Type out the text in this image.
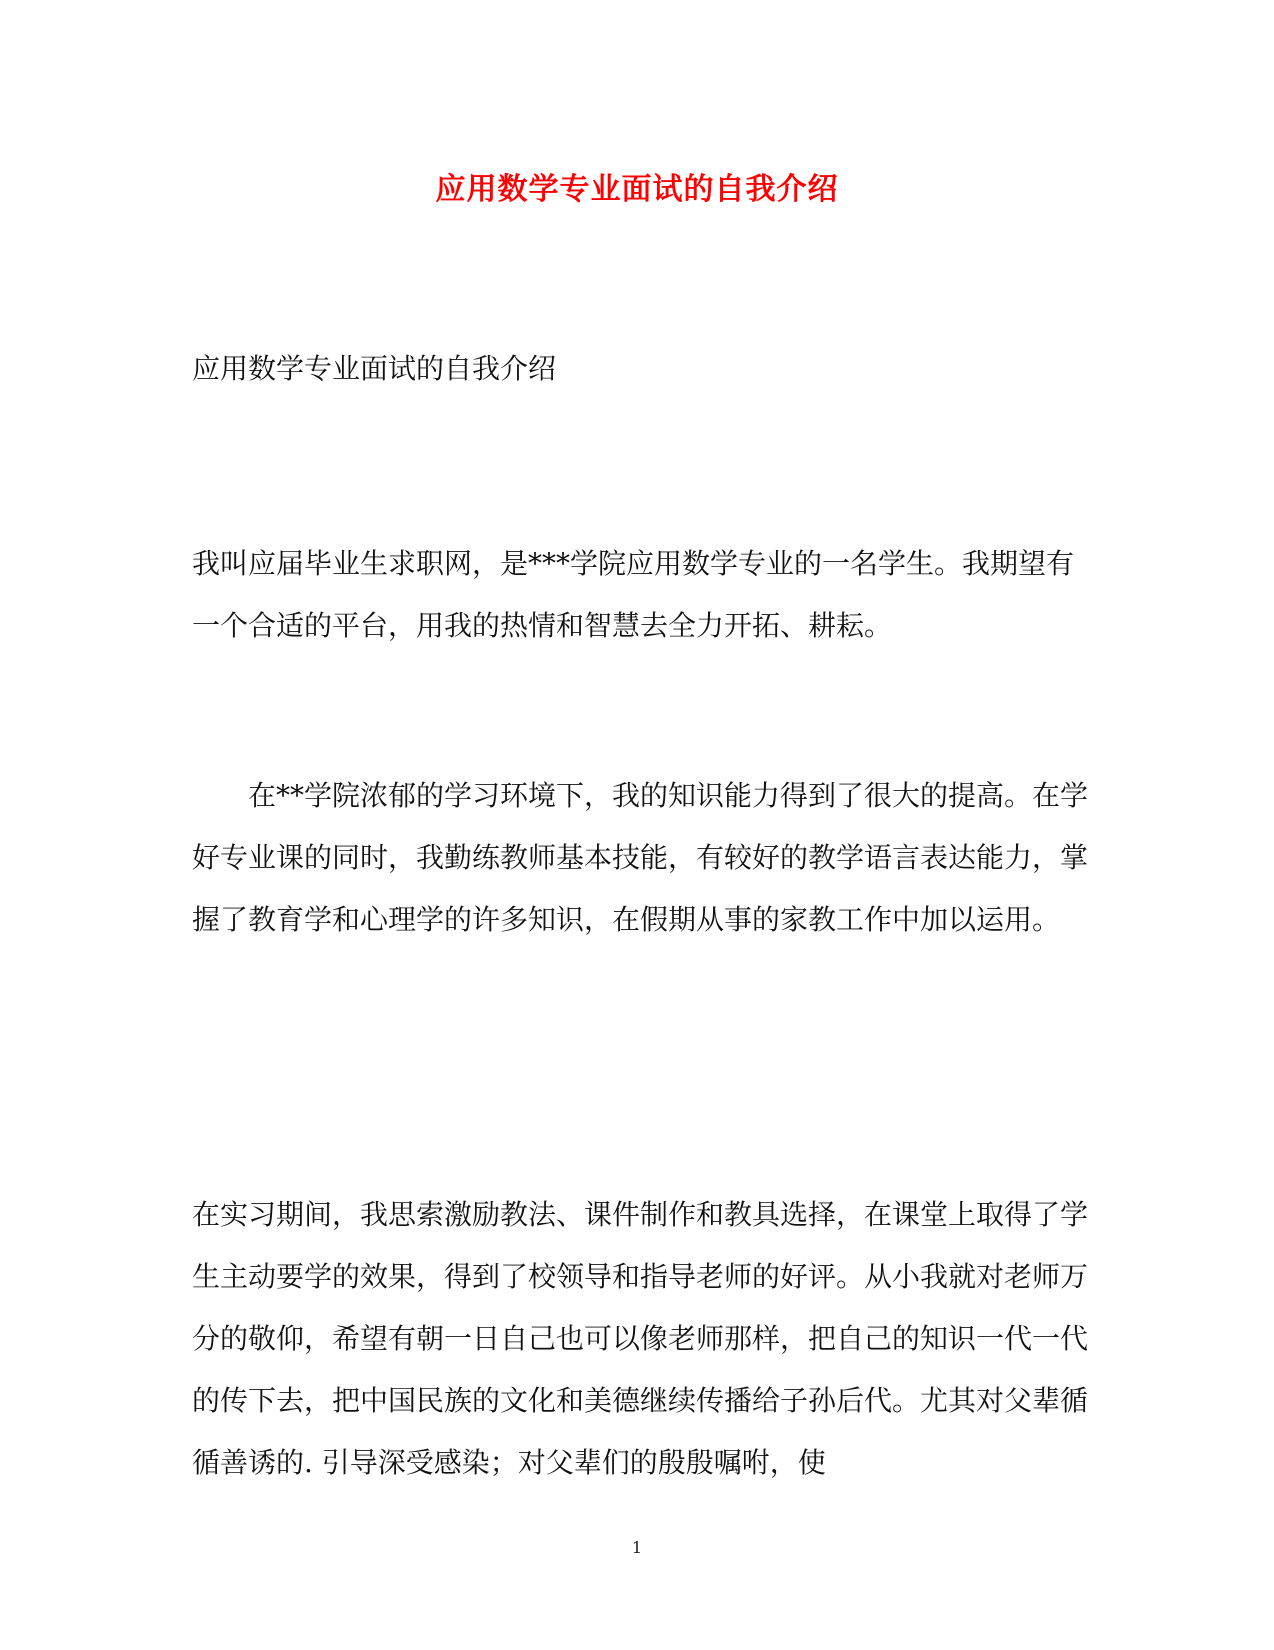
应用数学专业面试的自我介绍
应用数学专业面试的自我介绍
我叫应届毕业生求职网，是***学院应用数学专业的一名学生。我期望有一个合适的平台，用我的热情和智慧去全力开拓、耕耘。
在**学院浓郁的学习环境下，我的知识能力得到了很大的提高。在学好专业课的同时，我勤练教师基本技能，有较好的教学语言表达能力，掌握了教育学和心理学的许多知识，在假期从事的家教工作中加以运用。
在实习期间，我思索激励教法、课件制作和教具选择，在课堂上取得了学生主动要学的效果，得到了校领导和指导老师的好评。从小我就对老师万分的敬仰，希望有朝一日自己也可以像老师那样，把自己的知识一代一代的传下去，把中国民族的文化和美德继续传播给子孙后代。尤其对父辈循循善诱的. 引导深受感染；对父辈们的殷殷嘱咐，使
1
